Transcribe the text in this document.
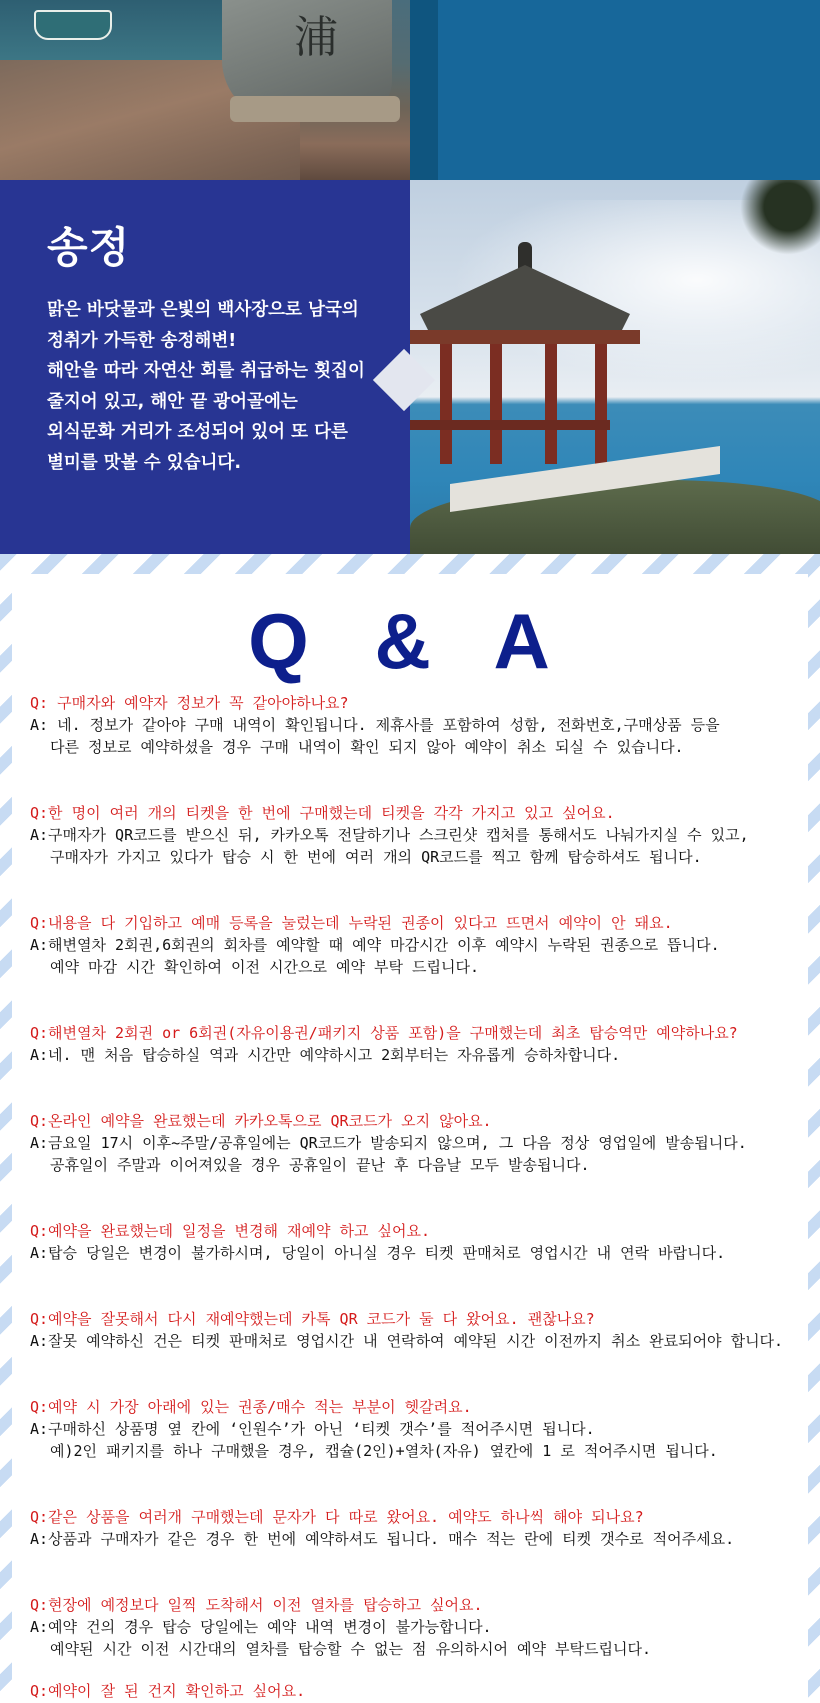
浦
송정
맑은 바닷물과 은빛의 백사장으로 남국의
정취가 가득한 송정해변!
해안을 따라 자연산 회를 취급하는 횟집이
줄지어 있고, 해안 끝 광어골에는
외식문화 거리가 조성되어 있어 또 다른
별미를 맛볼 수 있습니다.
Q & A
Q: 구매자와 예약자 정보가 꼭 같아야하나요?
A: 네. 정보가 같아야 구매 내역이 확인됩니다. 제휴사를 포함하여 성함, 전화번호,구매상품 등을
다른 정보로 예약하셨을 경우 구매 내역이 확인 되지 않아 예약이 취소 되실 수 있습니다.
Q:한 명이 여러 개의 티켓을 한 번에 구매했는데 티켓을 각각 가지고 있고 싶어요.
A:구매자가 QR코드를 받으신 뒤, 카카오톡 전달하기나 스크린샷 캡처를 통해서도 나눠가지실 수 있고,
구매자가 가지고 있다가 탑승 시 한 번에 여러 개의 QR코드를 찍고 함께 탑승하셔도 됩니다.
Q:내용을 다 기입하고 예매 등록을 눌렀는데 누락된 권종이 있다고 뜨면서 예약이 안 돼요.
A:해변열차 2회권,6회권의 회차를 예약할 때 예약 마감시간 이후 예약시 누락된 권종으로 뜹니다.
예약 마감 시간 확인하여 이전 시간으로 예약 부탁 드립니다.
Q:해변열차 2회권 or 6회권(자유이용권/패키지 상품 포함)을 구매했는데 최초 탑승역만 예약하나요?
A:네. 맨 처음 탑승하실 역과 시간만 예약하시고 2회부터는 자유롭게 승하차합니다.
Q:온라인 예약을 완료했는데 카카오톡으로 QR코드가 오지 않아요.
A:금요일 17시 이후~주말/공휴일에는 QR코드가 발송되지 않으며, 그 다음 정상 영업일에 발송됩니다.
공휴일이 주말과 이어져있을 경우 공휴일이 끝난 후 다음날 모두 발송됩니다.
Q:예약을 완료했는데 일정을 변경해 재예약 하고 싶어요.
A:탑승 당일은 변경이 불가하시며, 당일이 아니실 경우 티켓 판매처로 영업시간 내 연락 바랍니다.
Q:예약을 잘못해서 다시 재예약했는데 카톡 QR 코드가 둘 다 왔어요. 괜찮나요?
A:잘못 예약하신 건은 티켓 판매처로 영업시간 내 연락하여 예약된 시간 이전까지 취소 완료되어야 합니다.
Q:예약 시 가장 아래에 있는 권종/매수 적는 부분이 헷갈려요.
A:구매하신 상품명 옆 칸에 ‘인원수’가 아닌 ‘티켓 갯수’를 적어주시면 됩니다.
예)2인 패키지를 하나 구매했을 경우, 캡슐(2인)+열차(자유) 옆칸에 1 로 적어주시면 됩니다.
Q:같은 상품을 여러개 구매했는데 문자가 다 따로 왔어요. 예약도 하나씩 해야 되나요?
A:상품과 구매자가 같은 경우 한 번에 예약하셔도 됩니다. 매수 적는 란에 티켓 갯수로 적어주세요.
Q:현장에 예정보다 일찍 도착해서 이전 열차를 탑승하고 싶어요.
A:예약 건의 경우 탑승 당일에는 예약 내역 변경이 불가능합니다.
예약된 시간 이전 시간대의 열차를 탑승할 수 없는 점 유의하시어 예약 부탁드립니다.
Q:예약이 잘 된 건지 확인하고 싶어요.
